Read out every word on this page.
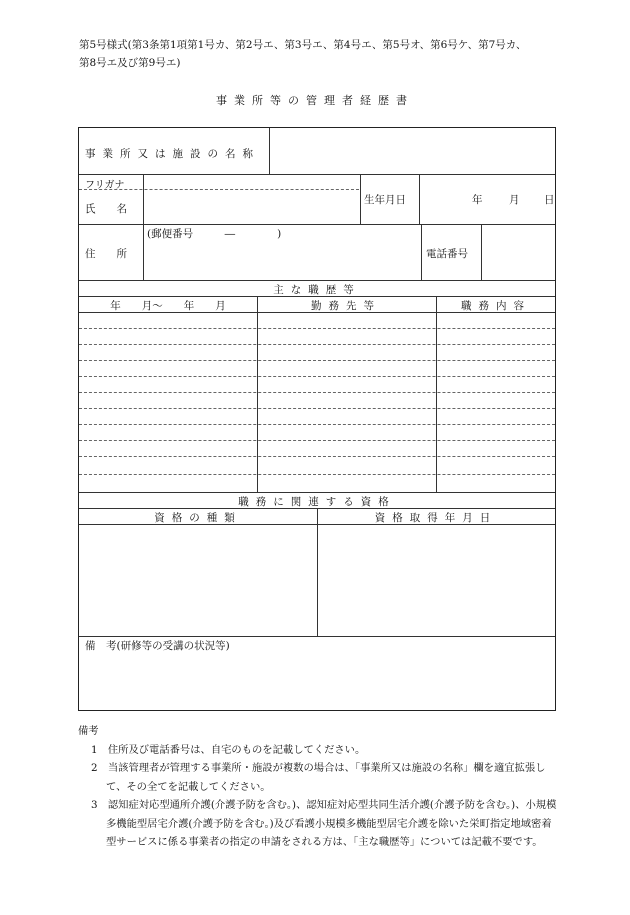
第5号様式(第3条第1項第1号カ、第2号エ、第3号エ、第4号エ、第5号オ、第6号ケ、第7号カ、
第8号エ及び第9号エ)
事業所等の管理者経歴書
事業所又は施設の名称
フリガナ
氏　　名
生年月日	年	月 日
住　　所
(郵便番号　　　―　　　　)
電話番号
主な職歴等
年　　月～　　年　　月	勤務先等	職務内容
職務に関連する資格
資格の種類	資格取得年月日
備　考(研修等の受講の状況等)
備考
1　住所及び電話番号は、自宅のものを記載してください。
2　当該管理者が管理する事業所・施設が複数の場合は、「事業所又は施設の名称」欄を適宜拡張して、その全てを記載してください。
3　認知症対応型通所介護(介護予防を含む。)、認知症対応型共同生活介護(介護予防を含む。)、小規模多機能型居宅介護(介護予防を含む。)及び看護小規模多機能型居宅介護を除いた栄町指定地域密着型サービスに係る事業者の指定の申請をされる方は、「主な職歴等」については記載不要です。
